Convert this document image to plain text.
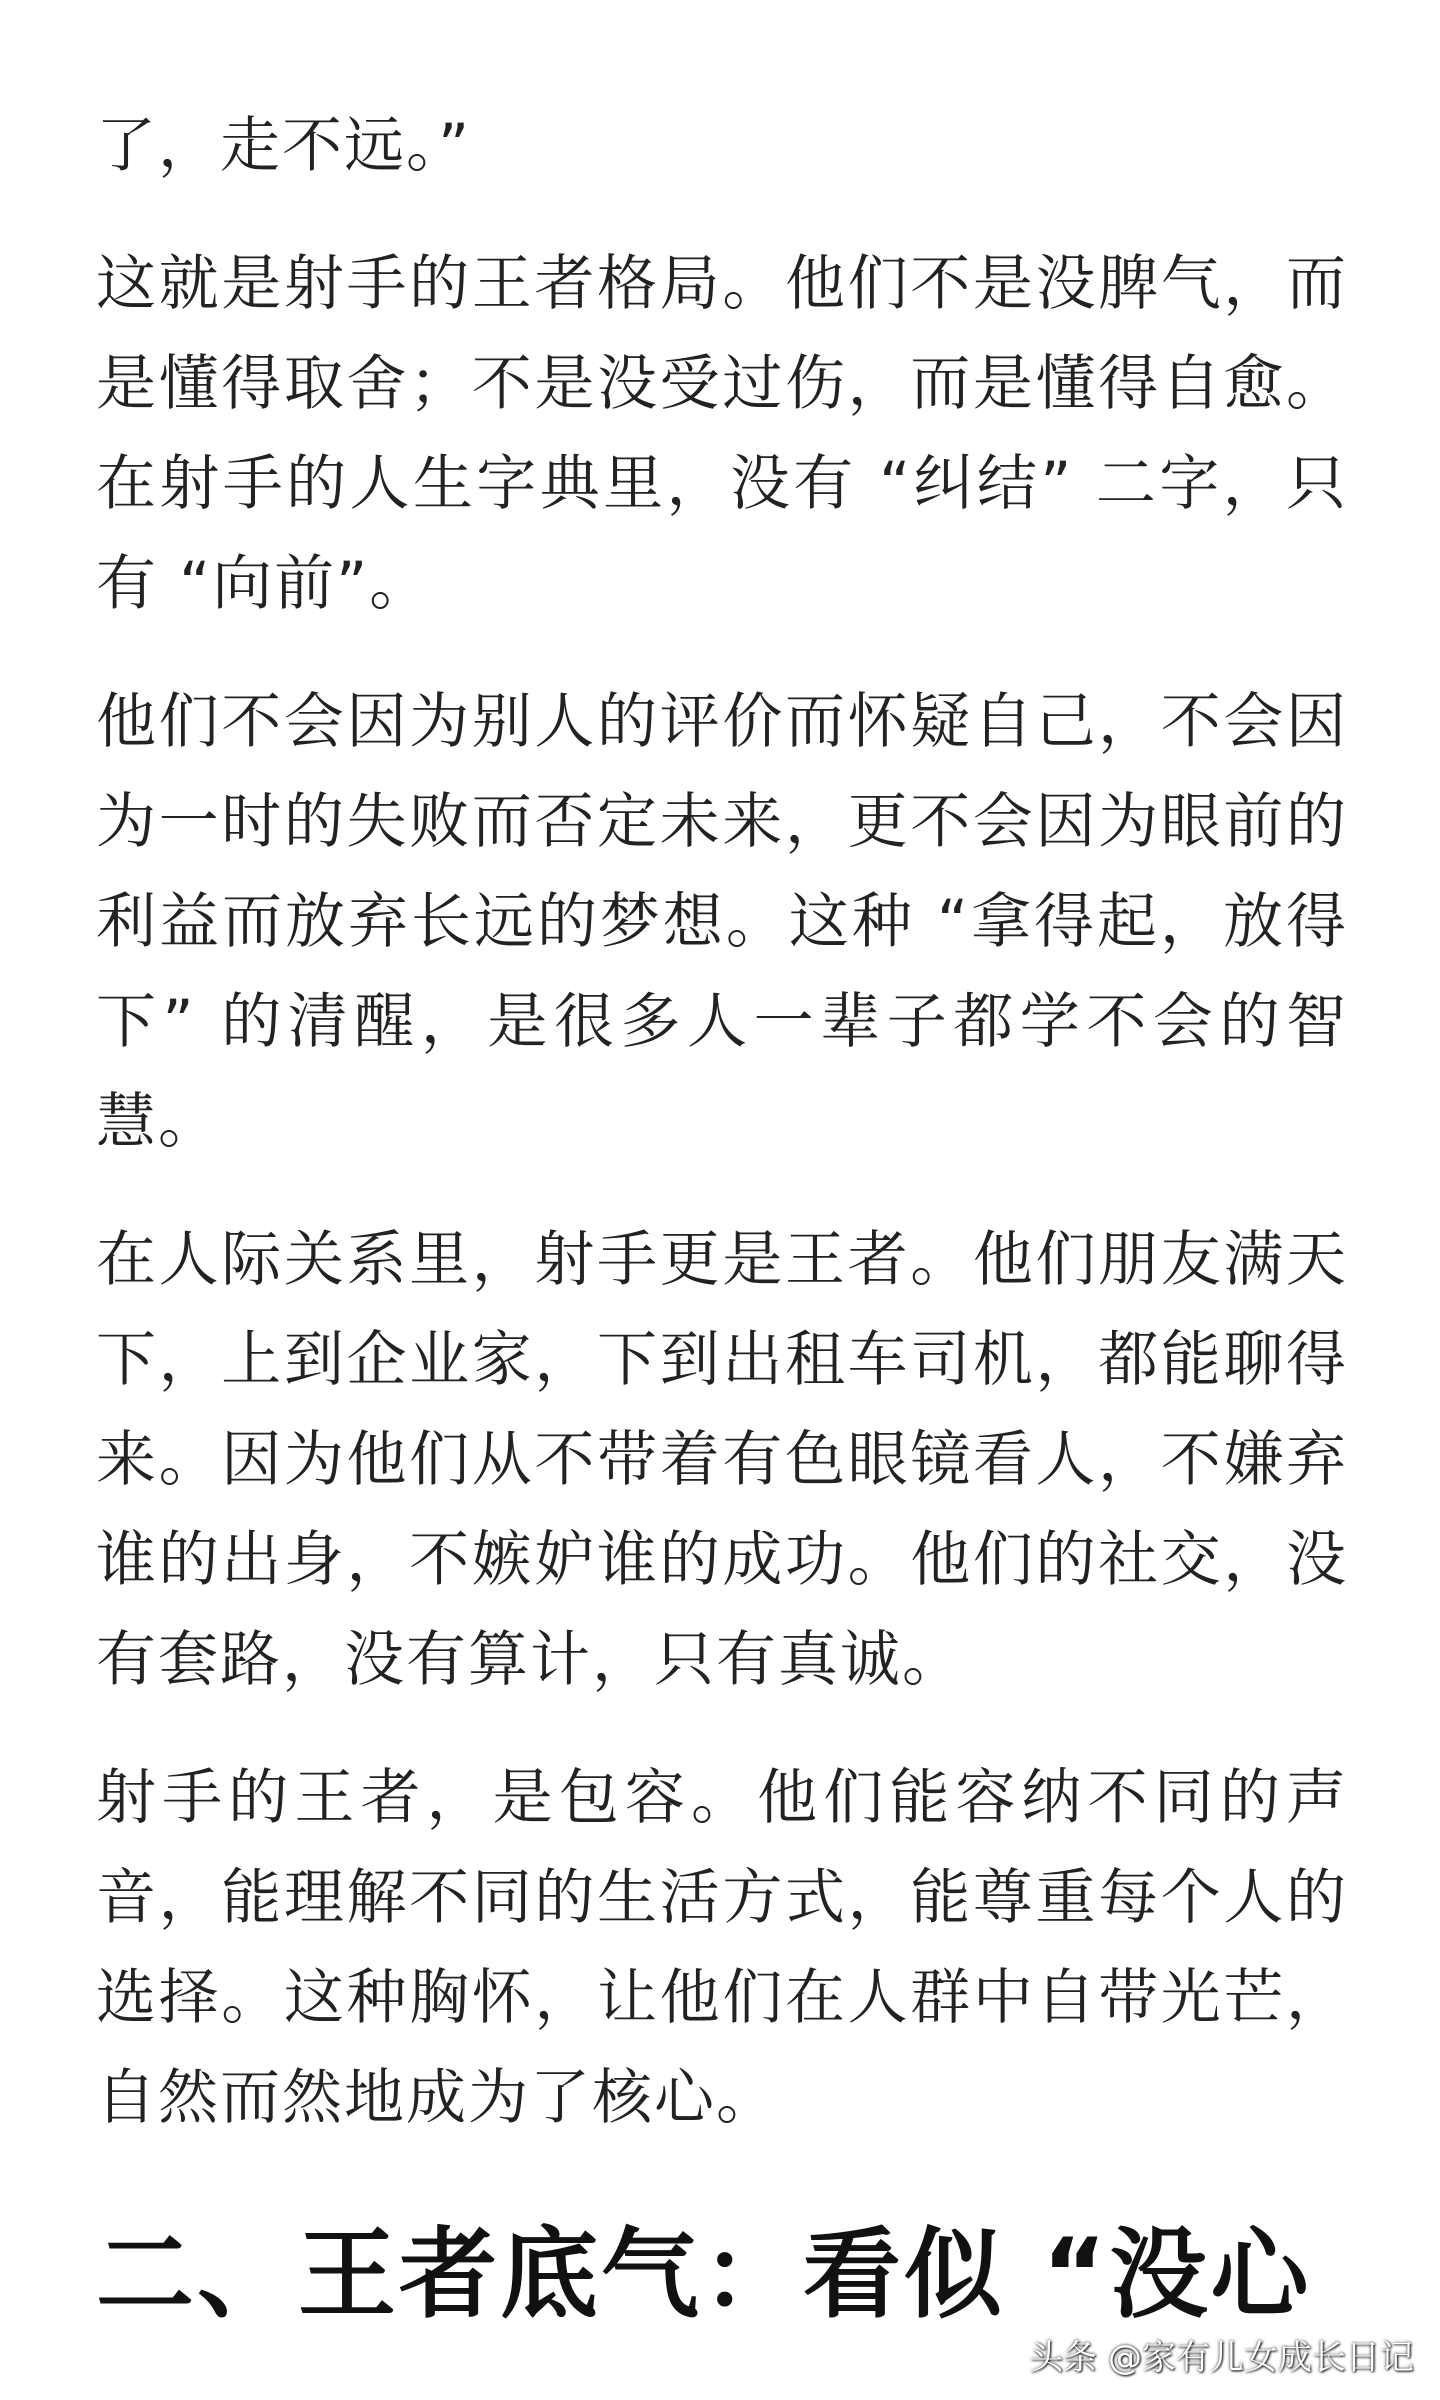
了，走不远。”

这就是射手的王者格局。他们不是没脾气，而是懂得取舍；不是没受过伤，而是懂得自愈。在射手的人生字典里，没有 “纠结” 二字，只有 “向前”。

他们不会因为别人的评价而怀疑自己，不会因为一时的失败而否定未来，更不会因为眼前的利益而放弃长远的梦想。这种 “拿得起，放得下” 的清醒，是很多人一辈子都学不会的智慧。

在人际关系里，射手更是王者。他们朋友满天下，上到企业家，下到出租车司机，都能聊得来。因为他们从不带着有色眼镜看人，不嫌弃谁的出身，不嫉妒谁的成功。他们的社交，没有套路，没有算计，只有真诚。

射手的王者，是包容。他们能容纳不同的声音，能理解不同的生活方式，能尊重每个人的选择。这种胸怀，让他们在人群中自带光芒，自然而然地成为了核心。

二、王者底气：看似 “没心
头条 @家有儿女成长日记
